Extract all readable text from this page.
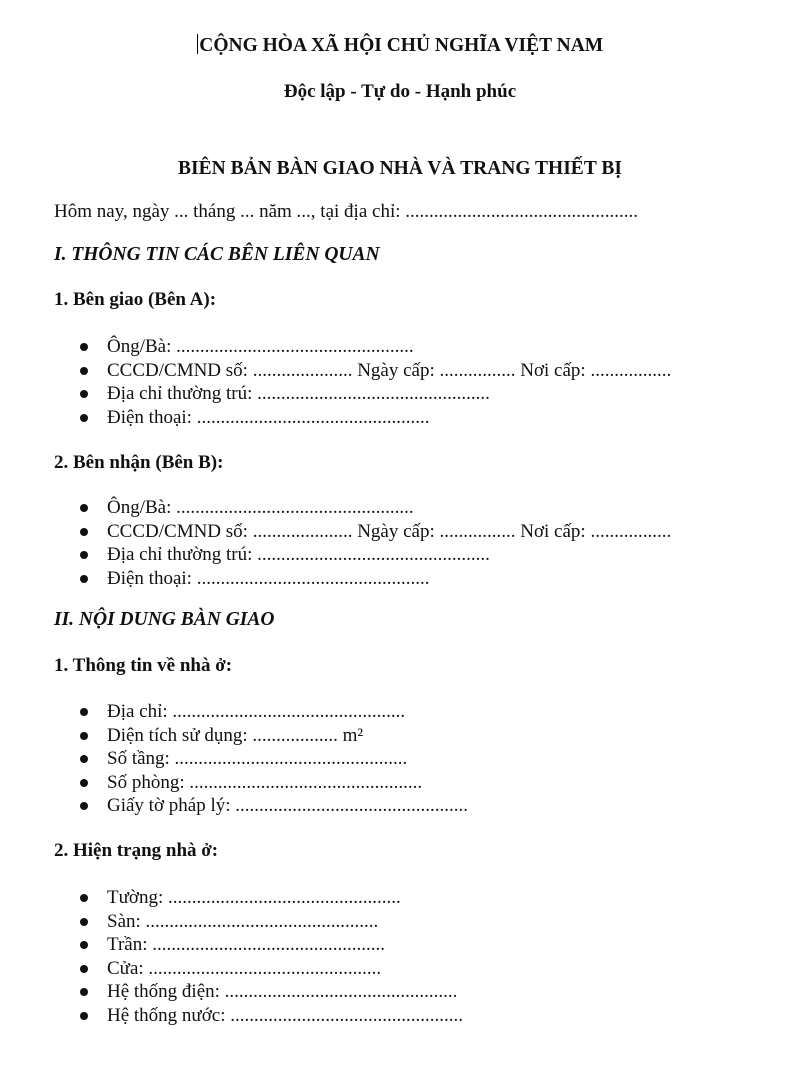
CỘNG HÒA XÃ HỘI CHỦ NGHĨA VIỆT NAM
Độc lập - Tự do - Hạnh phúc
BIÊN BẢN BÀN GIAO NHÀ VÀ TRANG THIẾT BỊ
Hôm nay, ngày ... tháng ... năm ..., tại địa chỉ: .................................................
I. THÔNG TIN CÁC BÊN LIÊN QUAN
1. Bên giao (Bên A):
Ông/Bà: ..................................................
CCCD/CMND số: ..................... Ngày cấp: ................ Nơi cấp: .................
Địa chỉ thường trú: .................................................
Điện thoại: .................................................
2. Bên nhận (Bên B):
Ông/Bà: ..................................................
CCCD/CMND số: ..................... Ngày cấp: ................ Nơi cấp: .................
Địa chỉ thường trú: .................................................
Điện thoại: .................................................
II. NỘI DUNG BÀN GIAO
1. Thông tin về nhà ở:
Địa chỉ: .................................................
Diện tích sử dụng: .................. m²
Số tầng: .................................................
Số phòng: .................................................
Giấy tờ pháp lý: .................................................
2. Hiện trạng nhà ở:
Tường: .................................................
Sàn: .................................................
Trần: .................................................
Cửa: .................................................
Hệ thống điện: .................................................
Hệ thống nước: .................................................
